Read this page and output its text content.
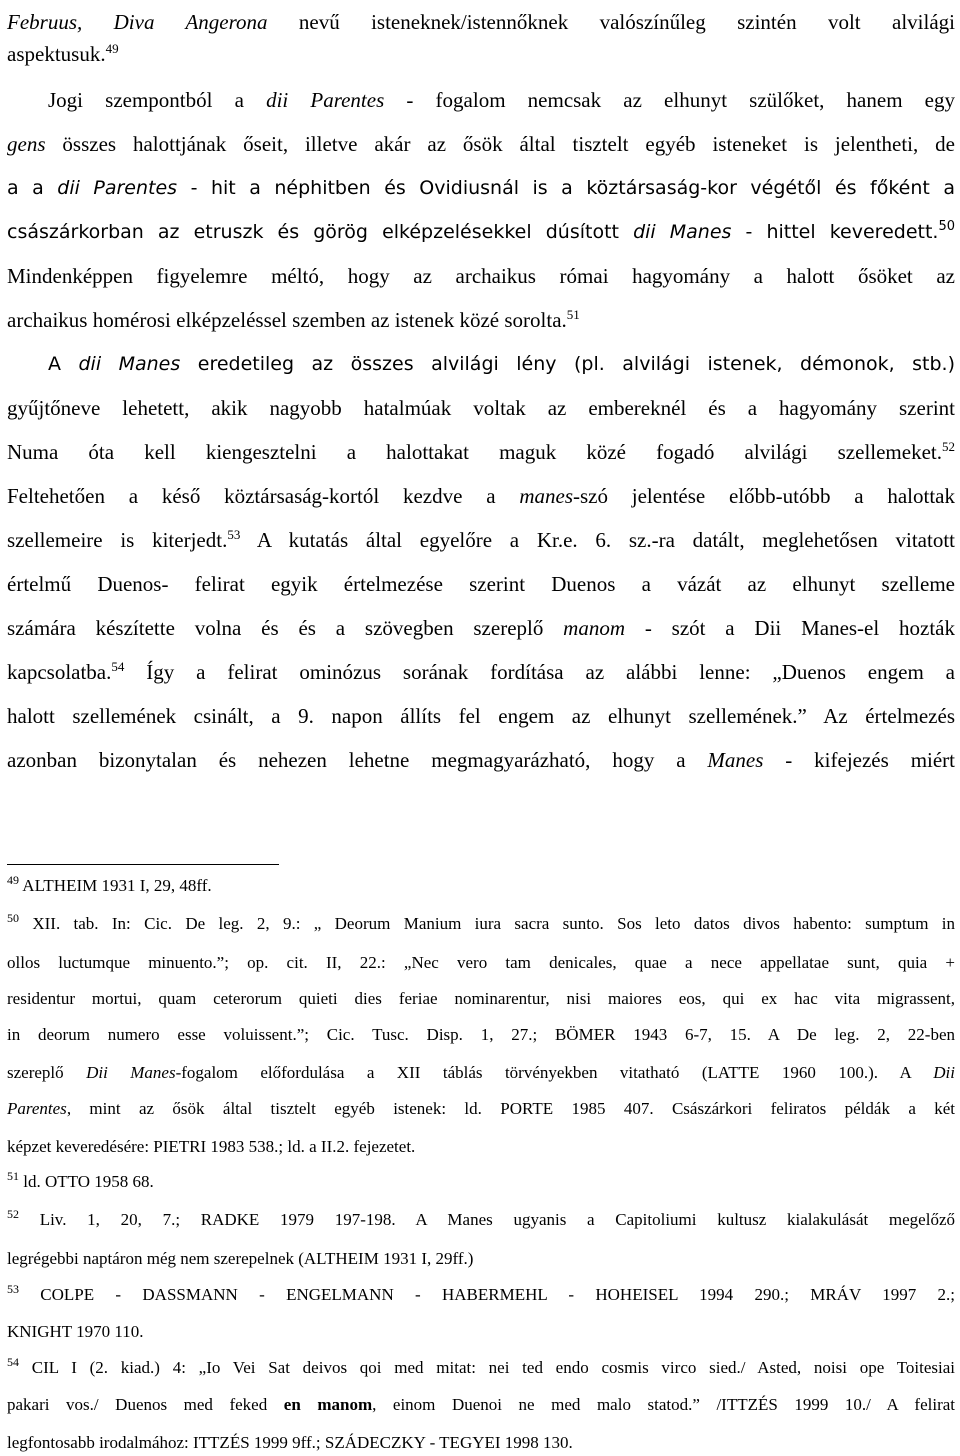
Februus, Diva Angerona nevű isteneknek/istennőknek valószínűleg szintén volt alvilági
aspektusuk.$^{49}$
Jogi szempontból a dii Parentes - fogalom nemcsak az elhunyt szülőket, hanem egy
gens összes halottjának őseit, illetve akár az ősök által tisztelt egyéb isteneket is jelentheti, de
a a dii Parentes - hit a néphitben és Ovidiusnál is a köztársaság-kor végétől és főként a
császárkorban az etruszk és görög elképzelésekkel dúsított dii Manes - hittel keveredett.$^{50}$
Mindenképpen figyelemre méltó, hogy az archaikus római hagyomány a halott ősöket az
archaikus homérosi elképzeléssel szemben az istenek közé sorolta.$^{51}$
A dii Manes eredetileg az összes alvilági lény (pl. alvilági istenek, démonok, stb.)
gyűjtőneve lehetett, akik nagyobb hatalmúak voltak az embereknél és a hagyomány szerint
Numa óta kell kiengesztelni a halottakat maguk közé fogadó alvilági szellemeket.$^{52}$
Feltehetően a késő köztársaság-kortól kezdve a manes-szó jelentése előbb-utóbb a halottak
szellemeire is kiterjedt.$^{53}$ A kutatás által egyelőre a Kr.e. 6. sz.-ra datált, meglehetősen vitatott
értelmű Duenos- felirat egyik értelmezése szerint Duenos a vázát az elhunyt szelleme
számára készítette volna és és a szövegben szereplő manom - szót a Dii Manes-el hozták
kapcsolatba.$^{54}$ Így a felirat ominózus sorának fordítása az alábbi lenne: „Duenos engem a
halott szellemének csinált, a 9. napon állíts fel engem az elhunyt szellemének.” Az értelmezés
azonban bizonytalan és nehezen lehetne megmagyarázható, hogy a Manes - kifejezés miért
$^{49}$ ALTHEIM 1931 I, 29, 48ff.
$^{50}$ XII. tab. In: Cic. De leg. 2, 9.: „ Deorum Manium iura sacra sunto. Sos leto datos divos habento: sumptum in
ollos luctumque minuento.”; op. cit. II, 22.: „Nec vero tam denicales, quae a nece appellatae sunt, quia +
residentur mortui, quam ceterorum quieti dies feriae nominarentur, nisi maiores eos, qui ex hac vita migrassent,
in deorum numero esse voluissent.”; Cic. Tusc. Disp. 1, 27.; BÖMER 1943 6-7, 15. A De leg. 2, 22-ben
szereplő Dii Manes-fogalom előfordulása a XII táblás törvényekben vitatható (LATTE 1960 100.). A Dii
Parentes, mint az ősök által tisztelt egyéb istenek: ld. PORTE 1985 407. Császárkori feliratos példák a két
képzet keveredésére: PIETRI 1983 538.; ld. a II.2. fejezetet.
$^{51}$ ld. OTTO 1958 68.
$^{52}$ Liv. 1, 20, 7.; RADKE 1979 197-198. A Manes ugyanis a Capitoliumi kultusz kialakulását megelőző
legrégebbi naptáron még nem szerepelnek (ALTHEIM 1931 I, 29ff.)
$^{53}$ COLPE - DASSMANN - ENGELMANN - HABERMEHL - HOHEISEL 1994 290.; MRÁV 1997 2.;
KNIGHT 1970 110.
$^{54}$ CIL I (2. kiad.) 4: „Io Vei Sat deivos qoi med mitat: nei ted endo cosmis virco sied./ Asted, noisi ope Toitesiai
pakari vos./ Duenos med feked en manom, einom Duenoi ne med malo statod.” /ITTZÉS 1999 10./ A felirat
legfontosabb irodalmához: ITTZÉS 1999 9ff.; SZÁDECZKY - TEGYEI 1998 130.
